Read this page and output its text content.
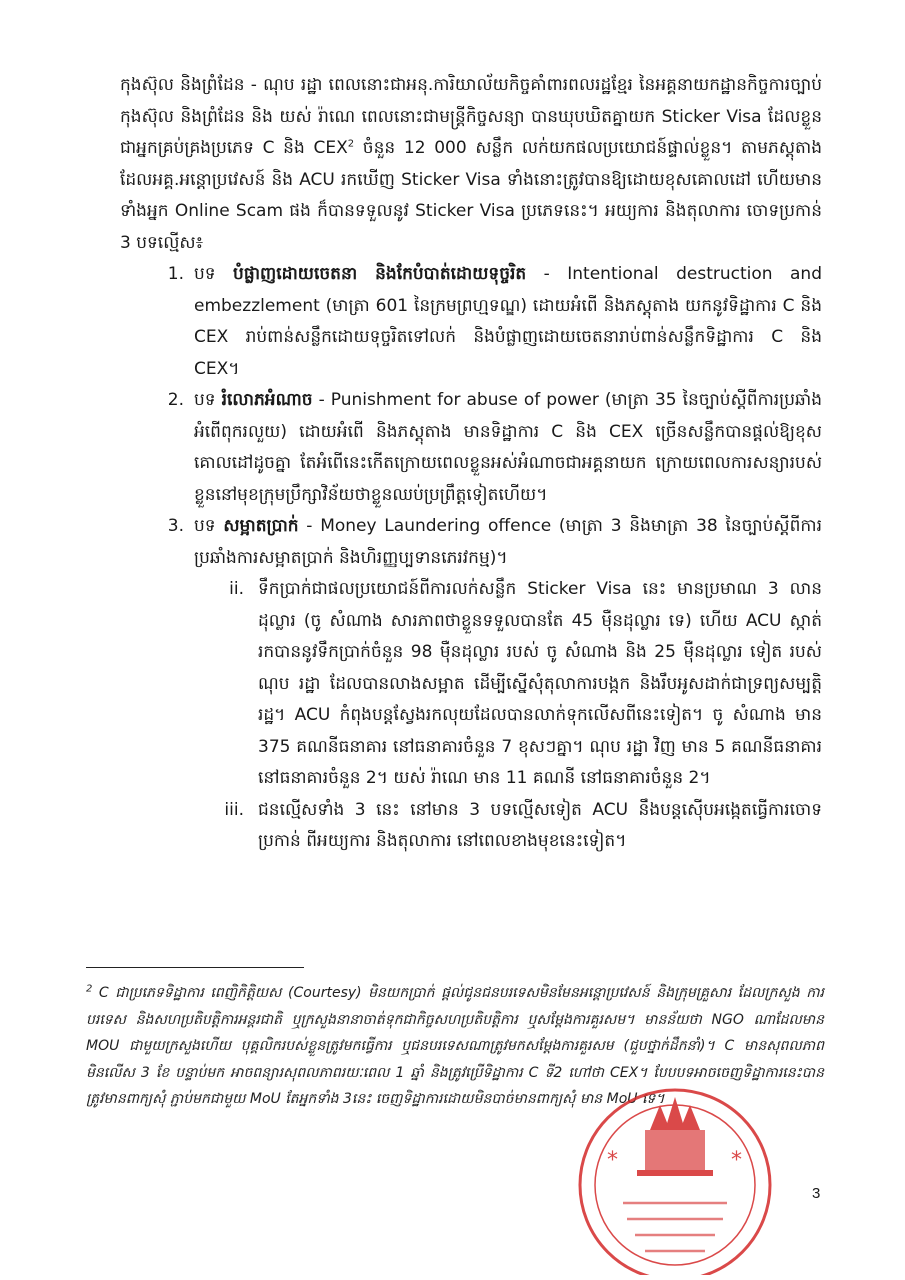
កុងស៊ុល និងព្រំដែន - ណុប រដ្ឋា ពេលនោះជាអនុ.ការិយាល័យកិច្ចគាំពារពលរដ្ឋខ្មែរ នៃអគ្គនាយកដ្ឋានកិច្ចការច្បាប់ កុងស៊ុល និងព្រំដែន និង យស់ រ៉ាណេ ពេលនោះជាមន្ត្រីកិច្ចសន្យា បានឃុបឃិតគ្នាយក Sticker Visa ដែលខ្លួនជាអ្នកគ្រប់គ្រងប្រភេទ C និង CEX$^2$ ចំនួន 12 000 សន្លឹក លក់យកផលប្រយោជន៍ផ្ទាល់ខ្លួន។ តាមភស្តុតាង ដែលអគ្គ.អន្តោប្រវេសន៍ និង ACU រកឃើញ Sticker Visa ទាំងនោះត្រូវបានឱ្យដោយខុសគោលដៅ ហើយមានទាំងអ្នក Online Scam ផង ក៏បានទទួលនូវ Sticker Visa ប្រភេទនេះ។ អយ្យការ និងតុលាការ ចោទប្រកាន់ 3 បទល្មើស៖

1. បទ បំផ្លាញដោយចេតនា និងកែបំបាត់ដោយទុច្ចរិត - Intentional destruction and embezzlement (មាត្រា 601 នៃក្រមព្រហ្មទណ្ឌ) ដោយអំពើ និងភស្តុតាង យកនូវទិដ្ឋាការ C និង CEX រាប់ពាន់សន្លឹកដោយទុច្ចរិតទៅលក់ និងបំផ្លាញដោយចេតនារាប់ពាន់សន្លឹកទិដ្ឋាការ C និង CEX។
2. បទ រំលោភអំណាច - Punishment for abuse of power (មាត្រា 35 នៃច្បាប់ស្ដីពីការប្រឆាំងអំពើពុករលួយ) ដោយអំពើ និងភស្តុតាង មានទិដ្ឋាការ C និង CEX ច្រើនសន្លឹកបានផ្ដល់ឱ្យខុសគោលដៅដូចគ្នា តែអំពើនេះកើតក្រោយពេលខ្លួនអស់អំណាចជាអគ្គនាយក ក្រោយពេលការសន្យារបស់ខ្លួននៅមុខក្រុមប្រឹក្សាវិន័យថាខ្លួនឈប់ប្រព្រឹត្តទៀតហើយ។
3. បទ សម្អាតប្រាក់ - Money Laundering offence (មាត្រា 3 និងមាត្រា 38 នៃច្បាប់ស្ដីពីការប្រឆាំងការសម្អាតប្រាក់ និងហិរញ្ញប្បទានភេរវកម្ម)។
ii. ទឹកប្រាក់ជាផលប្រយោជន៍ពីការលក់សន្លឹក Sticker Visa នេះ មានប្រមាណ 3 លានដុល្លារ (ចូ សំណាង សារភាពថាខ្លួនទទួលបានតែ 45 ម៉ឺនដុល្លារ ទេ) ហើយ ACU ស្កាត់រកបាននូវទឹកប្រាក់ចំនួន 98 ម៉ឺនដុល្លារ របស់ ចូ សំណាង និង 25 ម៉ឺនដុល្លារ ទៀត របស់ ណុប រដ្ឋា ដែលបានលាងសម្អាត ដើម្បីស្នើសុំតុលាការបង្កក និងរឹបអូសដាក់ជាទ្រព្យសម្បត្តិរដ្ឋ។ ACU កំពុងបន្តស្វែងរកលុយដែលបានលាក់ទុកលើសពីនេះទៀត។ ចូ សំណាង មាន 375 គណនីធនាគារ នៅធនាគារចំនួន 7 ខុសៗគ្នា។ ណុប រដ្ឋា វិញ មាន 5 គណនីធនាគារ នៅធនាគារចំនួន 2។ យស់ រ៉ាណេ មាន 11 គណនី នៅធនាគារចំនួន 2។
iii. ជនល្មើសទាំង 3 នេះ នៅមាន 3 បទល្មើសទៀត ACU នឹងបន្តស៊ើបអង្កេតធ្វើការចោទប្រកាន់ ពីអយ្យការ និងតុលាការ នៅពេលខាងមុខនេះទៀត។
$^2$ C ជាប្រភេទទិដ្ឋាការ ពេញិកិត្តិយស (Courtesy) មិនយកប្រាក់ ផ្ដល់ជូនជនបរទេសមិនមែនអន្តោប្រវេសន៍ និងក្រុមគ្រួសារ ដែលក្រសួង ការបរទេស និងសហប្រតិបត្តិការអន្តរជាតិ ឬក្រសួងនានាចាត់ទុកជាកិច្ចសហប្រតិបត្តិការ ឬសម្ដែងការគួរសម។ មានន័យថា NGO ណាដែលមាន MOU ជាមួយក្រសួងហើយ បុគ្គលិករបស់ខ្លួនត្រូវមកធ្វើការ ឬជនបរទេសណាត្រូវមកសម្ដែងការគួរសម (ជួបថ្នាក់ដឹកនាំ)។ C មានសុពលភាពមិនលើស 3 ខែ បន្ទាប់មក អាចពន្យារសុពលភាពរយៈពេល 1 ឆ្នាំ និងត្រូវប្រើទិដ្ឋាការ C ទី2 ហៅថា CEX។ បែបបទអាចចេញទិដ្ឋាការនេះបាន ត្រូវមានពាក្យសុំ ភ្ជាប់មកជាមួយ MoU តែអ្នកទាំង 3នេះ ចេញទិដ្ឋាការដោយមិនបាច់មានពាក្យសុំ មាន MoU ទេ។
*	*
3
